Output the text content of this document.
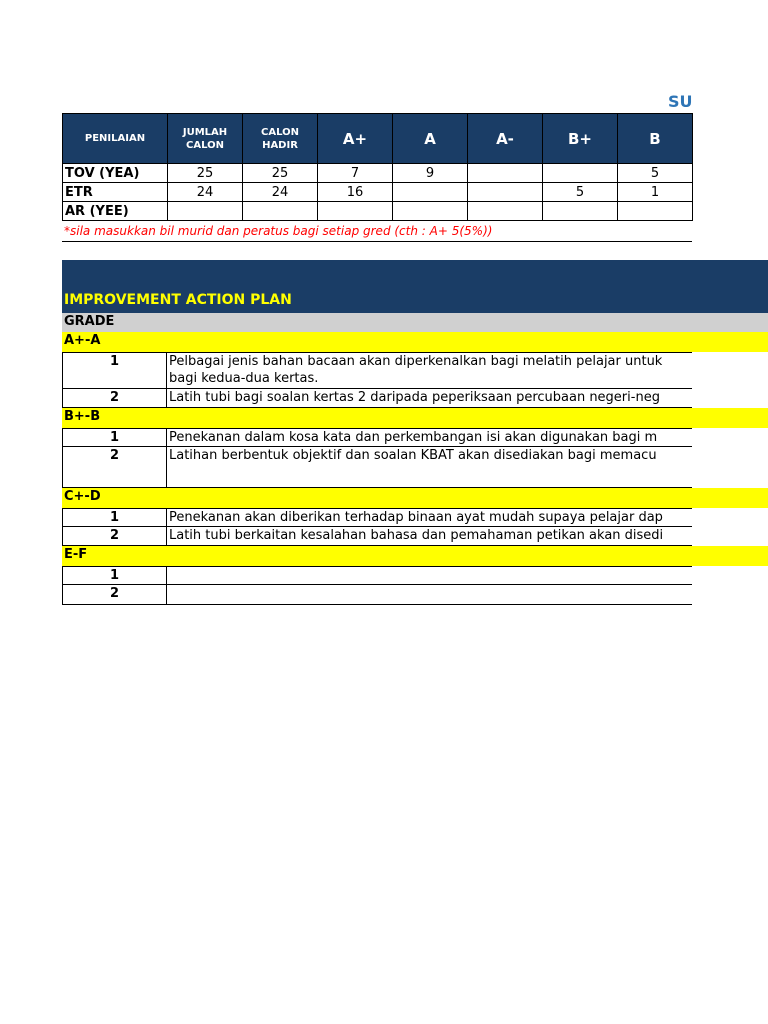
SU
PENILAIAN	JUMLAH CALON	CALON HADIR	A+	A	A-	B+	B
TOV (YEA)	25	25	7	9			5
ETR	24	24	16			5	1
AR (YEE)							
*sila masukkan bil murid dan peratus bagi setiap gred (cth : A+ 5(5%))
IMPROVEMENT ACTION PLAN
GRADE
A+-A
1	Pelbagai jenis bahan bacaan akan diperkenalkan bagi melatih pelajar untuk
bagi kedua-dua kertas.
2	Latih tubi bagi soalan kertas 2 daripada peperiksaan percubaan negeri-neg
B+-B
1	Penekanan dalam kosa kata dan perkembangan isi akan digunakan bagi m
2	Latihan berbentuk objektif dan soalan KBAT akan disediakan bagi memacu
C+-D
1	Penekanan akan diberikan terhadap binaan ayat mudah supaya pelajar dap
2	Latih tubi berkaitan kesalahan bahasa dan pemahaman petikan akan disedi
E-F
1
2
